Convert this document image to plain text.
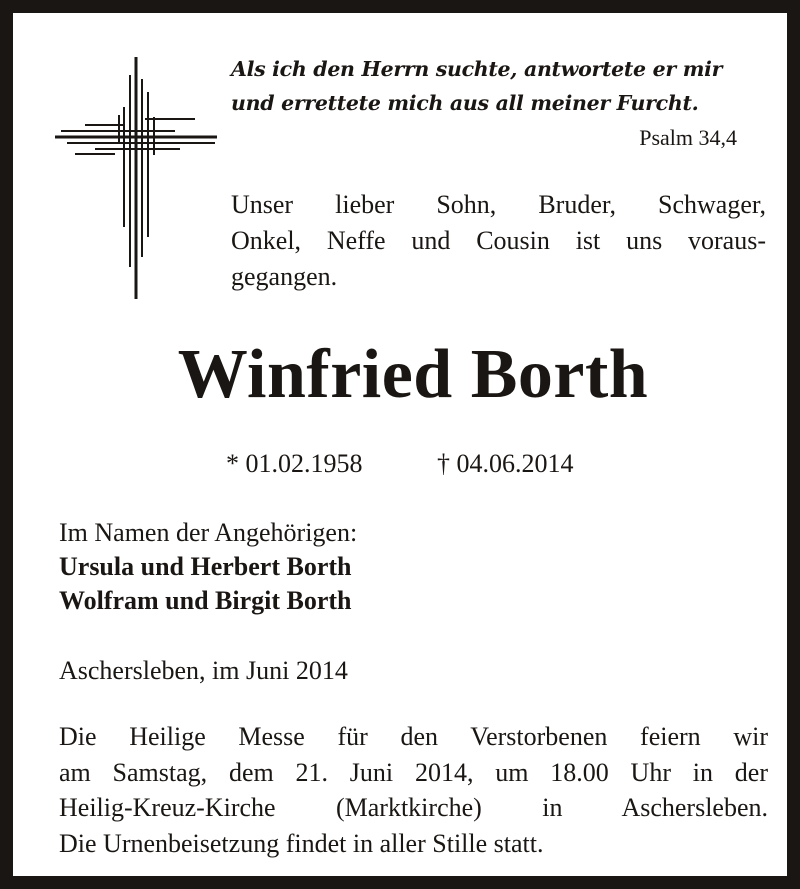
Als ich den Herrn suchte, antwortete er mir
und errettete mich aus all meiner Furcht.
Psalm 34,4
Unser lieber Sohn, Bruder, Schwager,
Onkel, Neffe und Cousin ist uns voraus-
gegangen.
Winfried Borth
* 01.02.1958	† 04.06.2014
Im Namen der Angehörigen:
Ursula und Herbert Borth
Wolfram und Birgit Borth
Aschersleben, im Juni 2014
Die Heilige Messe für den Verstorbenen feiern wir
am Samstag, dem 21. Juni 2014, um 18.00 Uhr in der
Heilig-Kreuz-Kirche (Marktkirche) in Aschersleben.
Die Urnenbeisetzung findet in aller Stille statt.
